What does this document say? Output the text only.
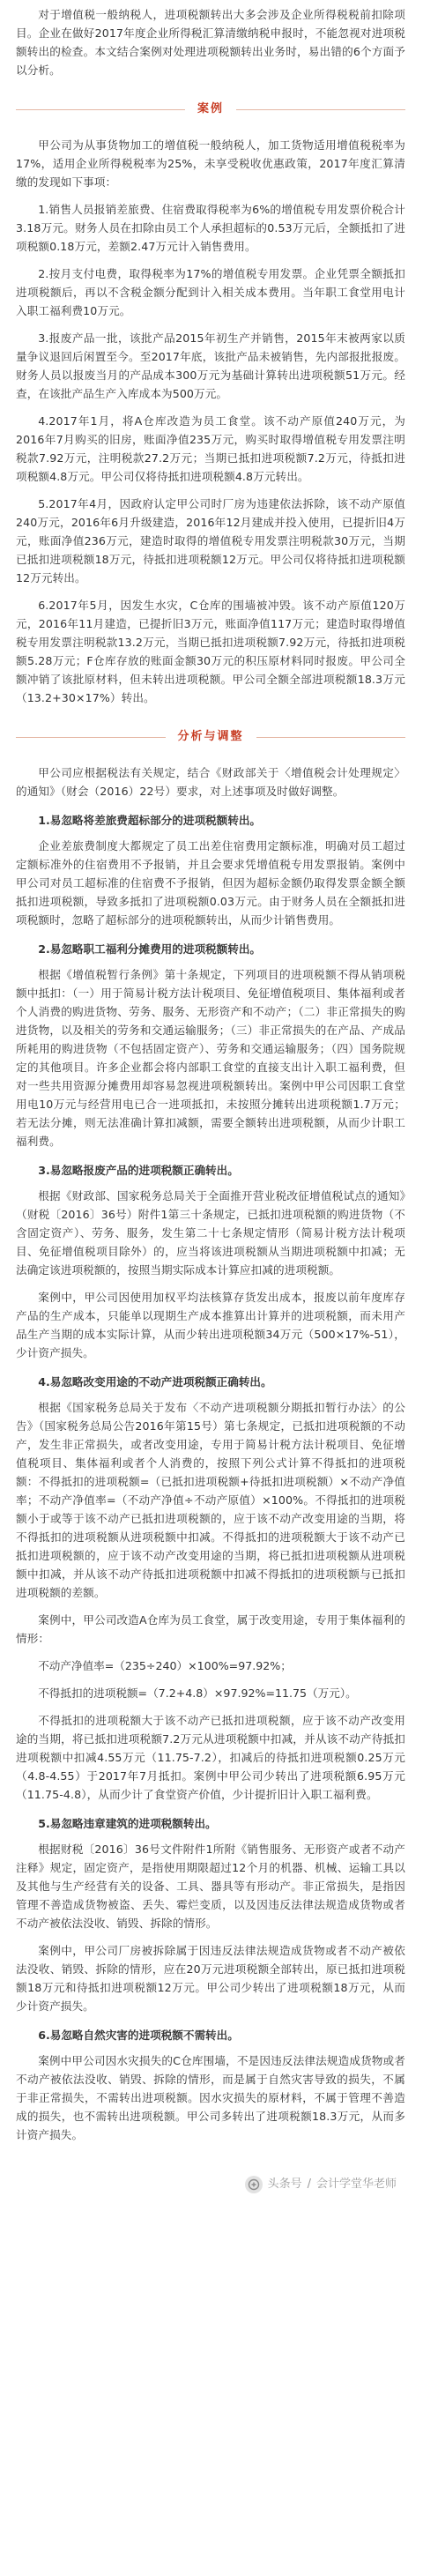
对于增值税一般纳税人，进项税额转出大多会涉及企业所得税税前扣除项目。企业在做好2017年度企业所得税汇算清缴纳税申报时，不能忽视对进项税额转出的检查。本文结合案例对处理进项税额转出业务时，易出错的6个方面予以分析。

案例

甲公司为从事货物加工的增值税一般纳税人，加工货物适用增值税税率为17%，适用企业所得税税率为25%，未享受税收优惠政策，2017年度汇算清缴的发现如下事项：

1.销售人员报销差旅费、住宿费取得税率为6%的增值税专用发票价税合计3.18万元。财务人员在扣除由员工个人承担超标的0.53万元后，全额抵扣了进项税额0.18万元，差额2.47万元计入销售费用。

2.按月支付电费，取得税率为17%的增值税专用发票。企业凭票全额抵扣进项税额后，再以不含税金额分配到计入相关成本费用。当年职工食堂用电计入职工福利费10万元。

3.报废产品一批，该批产品2015年初生产并销售，2015年末被两家以质量争议退回后闲置至今。至2017年底，该批产品未被销售，先内部报批报废。财务人员以报废当月的产品成本300万元为基础计算转出进项税额51万元。经查，在该批产品生产入库成本为500万元。

4.2017年1月，将A仓库改造为员工食堂。该不动产原值240万元，为2016年7月购买的旧房，账面净值235万元，购买时取得增值税专用发票注明税款7.92万元，注明税款27.2万元；当期已抵扣进项税额7.2万元，待抵扣进项税额4.8万元。甲公司仅将待抵扣进项税额4.8万元转出。

5.2017年4月，因政府认定甲公司时厂房为违建依法拆除，该不动产原值240万元，2016年6月升级建造，2016年12月建成并投入使用，已提折旧4万元，账面净值236万元，建造时取得的增值税专用发票注明税款30万元，当期已抵扣进项税额18万元，待抵扣进项税额12万元。甲公司仅将待抵扣进项税额12万元转出。

6.2017年5月，因发生水灾，C仓库的围墙被冲毁。该不动产原值120万元，2016年11月建造，已提折旧3万元，账面净值117万元；建造时取得增值税专用发票注明税款13.2万元，当期已抵扣进项税额7.92万元，待抵扣进项税额5.28万元；F仓库存放的账面金额30万元的积压原材料同时报废。甲公司全额冲销了该批原材料，但未转出进项税额。甲公司全额全部进项税额18.3万元（13.2+30×17%）转出。

分析与调整

甲公司应根据税法有关规定，结合《财政部关于〈增值税会计处理规定〉的通知》（财会（2016）22号）要求，对上述事项及时做好调整。

1.易忽略将差旅费超标部分的进项税额转出。

企业差旅费制度大都规定了员工出差住宿费用定额标准，明确对员工超过定额标准外的住宿费用不予报销，并且会要求凭增值税专用发票报销。案例中甲公司对员工超标准的住宿费不予报销，但因为超标金额仍取得发票金额全额抵扣进项税额，导致多抵扣了进项税额0.03万元。由于财务人员在全额抵扣进项税额时，忽略了超标部分的进项税额转出，从而少计销售费用。

2.易忽略职工福利分摊费用的进项税额转出。

根据《增值税暂行条例》第十条规定，下列项目的进项税额不得从销项税额中抵扣：（一）用于简易计税方法计税项目、免征增值税项目、集体福利或者个人消费的购进货物、劳务、服务、无形资产和不动产；（二）非正常损失的购进货物，以及相关的劳务和交通运输服务；（三）非正常损失的在产品、产成品所耗用的购进货物（不包括固定资产）、劳务和交通运输服务；（四）国务院规定的其他项目。许多企业都会将内部职工食堂的直接支出计入职工福利费，但对一些共用资源分摊费用却容易忽视进项税额转出。案例中甲公司因职工食堂用电10万元与经营用电已合一进项抵扣，未按照分摊转出进项税额1.7万元；若无法分摊，则无法准确计算扣减额，需要全额转出进项税额，从而少计职工福利费。

3.易忽略报废产品的进项税额正确转出。

根据《财政部、国家税务总局关于全面推开营业税改征增值税试点的通知》（财税〔2016〕36号）附件1第三十条规定，已抵扣进项税额的购进货物（不含固定资产）、劳务、服务，发生第二十七条规定情形（简易计税方法计税项目、免征增值税项目除外）的，应当将该进项税额从当期进项税额中扣减；无法确定该进项税额的，按照当期实际成本计算应扣减的进项税额。

案例中，甲公司因使用加权平均法核算存货发出成本，报废以前年度库存产品的生产成本，只能单以现期生产成本推算出计算并的进项税额，而未用产品生产当期的成本实际计算，从而少转出进项税额34万元（500×17%-51），少计资产损失。

4.易忽略改变用途的不动产进项税额正确转出。

根据《国家税务总局关于发布〈不动产进项税额分期抵扣暂行办法〉的公告》（国家税务总局公告2016年第15号）第七条规定，已抵扣进项税额的不动产，发生非正常损失，或者改变用途，专用于简易计税方法计税项目、免征增值税项目、集体福利或者个人消费的，按照下列公式计算不得抵扣的进项税额：不得抵扣的进项税额=（已抵扣进项税额+待抵扣进项税额）×不动产净值率；不动产净值率=（不动产净值÷不动产原值）×100%。不得抵扣的进项税额小于或等于该不动产已抵扣进项税额的，应于该不动产改变用途的当期，将不得抵扣的进项税额从进项税额中扣减。不得抵扣的进项税额大于该不动产已抵扣进项税额的，应于该不动产改变用途的当期，将已抵扣进项税额从进项税额中扣减，并从该不动产待抵扣进项税额中扣减不得抵扣的进项税额与已抵扣进项税额的差额。

案例中，甲公司改造A仓库为员工食堂，属于改变用途，专用于集体福利的情形：

不动产净值率=（235÷240）×100%=97.92%；

不得抵扣的进项税额=（7.2+4.8）×97.92%=11.75（万元）。

不得抵扣的进项税额大于该不动产已抵扣进项税额，应于该不动产改变用途的当期，将已抵扣进项税额7.2万元从进项税额中扣减，并从该不动产待抵扣进项税额中扣减4.55万元（11.75-7.2），扣减后的待抵扣进项税额0.25万元（4.8-4.55）于2017年7月抵扣。案例中甲公司少转出了进项税额6.95万元（11.75-4.8），从而少计了食堂资产价值，少计提折旧计入职工福利费。

5.易忽略违章建筑的进项税额转出。

根据财税〔2016〕36号文件附件1所附《销售服务、无形资产或者不动产注释》规定，固定资产，是指使用期限超过12个月的机器、机械、运输工具以及其他与生产经营有关的设备、工具、器具等有形动产。非正常损失，是指因管理不善造成货物被盗、丢失、霉烂变质，以及因违反法律法规造成货物或者不动产被依法没收、销毁、拆除的情形。

案例中，甲公司厂房被拆除属于因违反法律法规造成货物或者不动产被依法没收、销毁、拆除的情形，应在20万元进项税额全部转出，原已抵扣进项税额18万元和待抵扣进项税额12万元。甲公司少转出了进项税额18万元，从而少计资产损失。

6.易忽略自然灾害的进项税额不需转出。

案例中甲公司因水灾损失的C仓库围墙，不是因违反法律法规造成货物或者不动产被依法没收、销毁、拆除的情形，而是属于自然灾害导致的损失，不属于非正常损失，不需转出进项税额。因水灾损失的原材料，不属于管理不善造成的损失，也不需转出进项税额。甲公司多转出了进项税额18.3万元，从而多计资产损失。

头条号 / 会计学堂华老师
